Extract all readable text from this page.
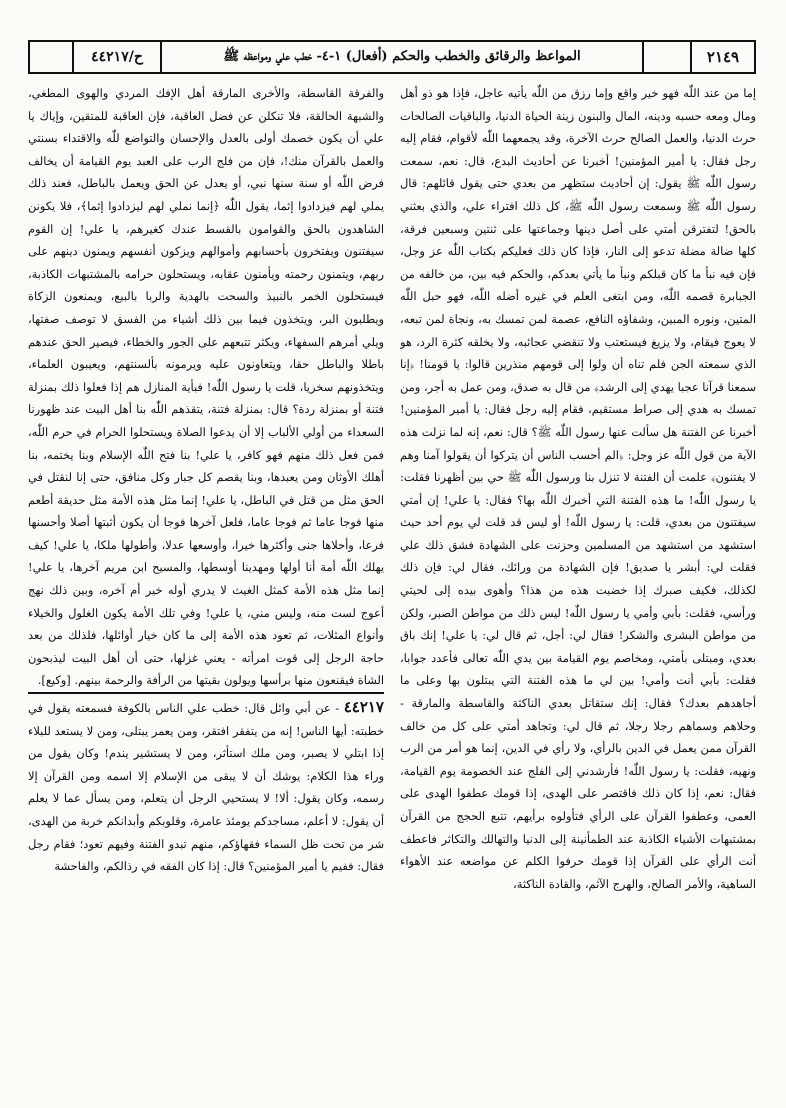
٢١٤٩
المواعظ والرقائق والخطب والحكم (أفعال) ١-٤- خطب علي ومواعظه ﷺ
ح/٤٤٢١٧

إما من عند اللّٰه فهو خير واقع وإما رزق من اللّٰه يأتيه عاجل، فإذا هو ذو أهل ومال ومعه حسبه ودينه، المال والبنون زينة الحياة الدنيا، والباقيات الصالحات حرث الدنيا، والعمل الصالح حرث الآخرة، وقد يجمعهما اللّٰه لأقوام، فقام إليه رجل فقال: يا أمير المؤمنين! أخبرنا عن أحاديث البدع، قال: نعم، سمعت رسول اللّٰه ﷺ يقول: إن أحاديث ستظهر من بعدي حتى يقول قائلهم: قال رسول اللّٰه ﷺ وسمعت رسول اللّٰه ﷺ، كل ذلك افتراء علي، والذي بعثني بالحق! لتفترقن أمتي على أصل دينها وجماعتها على ثنتين وسبعين فرقة، كلها ضالة مضلة تدعو إلى النار، فإذا كان ذلك فعليكم بكتاب اللّٰه عز وجل، فإن فيه نبأ ما كان قبلكم ونبأ ما يأتي بعدكم، والحكم فيه بين، من خالفه من الجبابرة قصمه اللّٰه، ومن ابتغى العلم في غيره أضله اللّٰه، فهو حبل اللّٰه المتين، ونوره المبين، وشفاؤه النافع، عصمة لمن تمسك به، ونجاة لمن تبعه، لا يعوج فيقام، ولا يزيغ فيستعتب ولا تنقضي عجائبه، ولا يخلقه كثرة الرد، هو الذي سمعته الجن فلم تناه أن ولوا إلى قومهم منذرين قالوا: يا قومنا! ﴿إنا سمعنا قرآنا عجبا يهدي إلى الرشد﴾ من قال به صدق، ومن عمل به أجر، ومن تمسك به هدي إلى صراط مستقيم، فقام إليه رجل فقال: يا أمير المؤمنين! أخبرنا عن الفتنة هل سألت عنها رسول اللّٰه ﷺ؟ قال: نعم، إنه لما نزلت هذه الآية من قول اللّٰه عز وجل: ﴿الم أحسب الناس أن يتركوا أن يقولوا آمنا وهم لا يفتنون﴾ علمت أن الفتنة لا تنزل بنا ورسول اللّٰه ﷺ حي بين أظهرنا فقلت: يا رسول اللّٰه! ما هذه الفتنة التي أخبرك اللّٰه بها؟ فقال: يا علي! إن أمتي سيفتنون من بعدي، قلت: يا رسول اللّٰه! أو ليس قد قلت لي يوم أحد حيث استشهد من استشهد من المسلمين وحزنت على الشهادة فشق ذلك علي فقلت لي: أبشر يا صديق! فإن الشهادة من ورائك، فقال لي: فإن ذلك لكذلك، فكيف صبرك إذا خضبت هذه من هذا؟ وأهوى بيده إلى لحيتي ورأسي، فقلت: بأبي وأمي يا رسول اللّٰه! ليس ذلك من مواطن الصبر، ولكن من مواطن البشرى والشكر! فقال لي: أجل، ثم قال لي: يا علي! إنك باق بعدي، ومبتلى بأمتي، ومخاصم يوم القيامة بين يدي اللّٰه تعالى فأعدد جوابا، فقلت: بأبي أنت وأمي! بين لي ما هذه الفتنة التي يبتلون بها وعلى ما أجاهدهم بعدك؟ فقال: إنك ستقاتل بعدي الناكثة والقاسطة والمارقة - وحلاهم وسماهم رجلا رجلا، ثم قال لي: وتجاهد أمتي على كل من خالف القرآن ممن يعمل في الدين بالرأي، ولا رأي في الدين، إنما هو أمر من الرب ونهيه، فقلت: يا رسول اللّٰه! فأرشدني إلى الفلج عند الخصومة يوم القيامة، فقال: نعم، إذا كان ذلك فاقتصر على الهدى، إذا قومك عطفوا الهدى على العمى، وعطفوا القرآن على الرأي فتأولوه برأيهم، تتبع الحجج من القرآن بمشتبهات الأشياء الكاذبة عند الطمأنينة إلى الدنيا والتهالك والتكاثر فاعطف أنت الرأي على القرآن إذا قومك حرفوا الكلم عن مواضعه عند الأهواء الساهية، والأمر الصالح، والهرج الآثم، والقادة الناكثة،

والفرقة القاسطة، والأخرى المارقة أهل الإفك المردي والهوى المطغي، والشبهة الحالقة، فلا تنكلن عن فضل العاقبة، فإن العاقبة للمتقين، وإياك يا علي أن يكون خصمك أولى بالعدل والإحسان والتواضع للّٰه والاقتداء بسنتي والعمل بالقرآن منك!، فإن من فلج الرب على العبد يوم القيامة أن يخالف فرض اللّٰه أو سنة سنها نبي، أو يعدل عن الحق ويعمل بالباطل، فعند ذلك يملي لهم فيزدادوا إثما، يقول اللّٰه ﴿إنما نملي لهم ليزدادوا إثما﴾، فلا يكونن الشاهدون بالحق والقوامون بالقسط عندك كغيرهم، يا علي! إن القوم سيفتنون ويفتخرون بأحسابهم وأموالهم ويزكون أنفسهم ويمنون دينهم على ربهم، ويتمنون رحمته ويأمنون عقابه، ويستحلون حرامه بالمشتبهات الكاذبة، فيستحلون الخمر بالنبيذ والسحت بالهدية والربا بالبيع، ويمنعون الزكاة ويطلبون البر، ويتخذون فيما بين ذلك أشياء من الفسق لا توصف صفتها، ويلي أمرهم السفهاء، ويكثر تتبعهم على الجور والخطاء، فيصير الحق عندهم باطلا والباطل حقا، ويتعاونون عليه ويرمونه بألسنتهم، ويعيبون العلماء، ويتخذونهم سخريا، قلت يا رسول اللّٰه! فبأية المنازل هم إذا فعلوا ذلك بمنزلة فتنة أو بمنزلة ردة؟ قال: بمنزلة فتنة، يتقذهم اللّٰه بنا أهل البيت عند ظهورنا السعداء من أولي الألباب إلا أن يدعوا الصلاة ويستحلوا الحرام في حرم اللّٰه، فمن فعل ذلك منهم فهو كافر، يا علي! بنا فتح اللّٰه الإسلام وبنا يختمه، بنا أهلك الأوثان ومن يعبدها، وبنا يقصم كل جبار وكل منافق، حتى إنا لنقتل في الحق مثل من قتل في الباطل، يا علي! إنما مثل هذه الأمة مثل حديقة أطعم منها فوجا عاما ثم فوجا عاما، فلعل آخرها فوجا أن يكون أثبتها أصلا وأحسنها فرعا، وأحلاها جنى وأكثرها خيرا، وأوسعها عدلا، وأطولها ملكا، يا علي! كيف يهلك اللّٰه أمة أنا أولها ومهدينا أوسطها، والمسيح ابن مريم آخرها، يا علي! إنما مثل هذه الأمة كمثل الغيث لا يدري أوله خير أم آخره، وبين ذلك نهج أعوج لست منه، وليس مني، يا علي! وفي تلك الأمة يكون الغلول والخيلاء وأنواع المثلات، ثم تعود هذه الأمة إلى ما كان خيار أوائلها، فلذلك من بعد حاجة الرجل إلى قوت امرأته - يعني غزلها، حتى أن أهل البيت ليذبحون الشاة فيقنعون منها برأسها ويولون بقيتها من الرأفة والرحمة بينهم. [وكيع].

٤٤٢١٧ - عن أبي وائل قال: خطب علي الناس بالكوفة فسمعته يقول في خطبته: أيها الناس! إنه من يتفقر افتقر، ومن يعمر يبتلى، ومن لا يستعد للبلاء إذا ابتلي لا يصبر، ومن ملك استأثر، ومن لا يستشير يندم! وكان يقول من وراء هذا الكلام: يوشك أن لا يبقى من الإسلام إلا اسمه ومن القرآن إلا رسمه، وكان يقول: ألا! لا يستحيي الرجل أن يتعلم، ومن يسأل عما لا يعلم أن يقول: لا أعلم، مساجدكم يومئذ عامرة، وقلوبكم وأبدانكم خربة من الهدى، شر من تحت ظل السماء فقهاؤكم، منهم تبدو الفتنة وفيهم تعود؛ فقام رجل فقال: ففيم يا أمير المؤمنين؟ قال: إذا كان الفقه في رذالكم، والفاحشة
